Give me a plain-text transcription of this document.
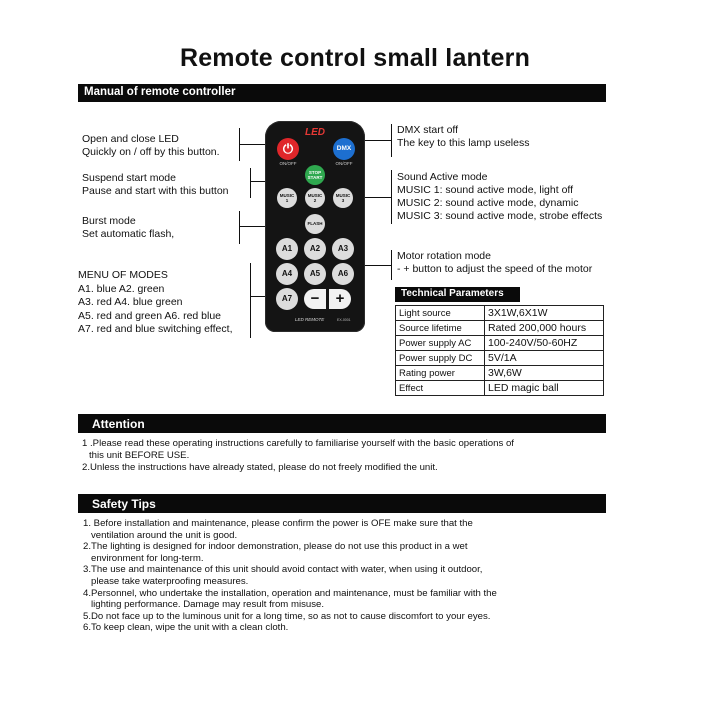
Remote control small lantern
Manual of remote controller
Open and close LED
Quickly on / off by this button.
Suspend start mode
Pause and start with this button
Burst mode
Set automatic flash,
MENU OF MODES
A1. blue A2. green
A3. red A4. blue green
A5. red and green A6. red blue
A7. red and blue switching effect,
DMX start off
The key to this lamp useless
Sound Active mode
MUSIC 1: sound active mode, light off
MUSIC 2: sound active mode, dynamic
MUSIC 3: sound active mode, strobe effects
Motor rotation mode
- + button to adjust the speed of the motor
LED
⏻
ON/OFF
DMX
ON/OFF
STOP
START
MUSIC
1
MUSIC
2
MUSIC
3
FLASH
A1	A2	A3
A4	A5	A6
A7	−	+
LED REMOTE	EX-0001
Technical Parameters
Light source	3X1W,6X1W
Source lifetime	Rated 200,000 hours
Power supply AC	100-240V/50-60HZ
Power supply DC	5V/1A
Rating power	3W,6W
Effect	LED magic ball
Attention
1 .Please read these operating instructions carefully to familiarise yourself with the basic operations of
this unit BEFORE USE.
2.Unless the instructions have already stated, please do not freely modified the unit.
Safety Tips
1. Before installation and maintenance, please confirm the power is OFE make sure that the
ventilation around the unit is good.
2.The lighting is designed for indoor demonstration, please do not use this product in a wet
environment for long-term.
3.The use and maintenance of this unit should avoid contact with water, when using it outdoor,
please take waterproofing measures.
4.Personnel, who undertake the installation, operation and maintenance, must be familiar with the
lighting performance. Damage may result from misuse.
5.Do not face up to the luminous unit for a long time, so as not to cause discomfort to your eyes.
6.To keep clean, wipe the unit with a clean cloth.
